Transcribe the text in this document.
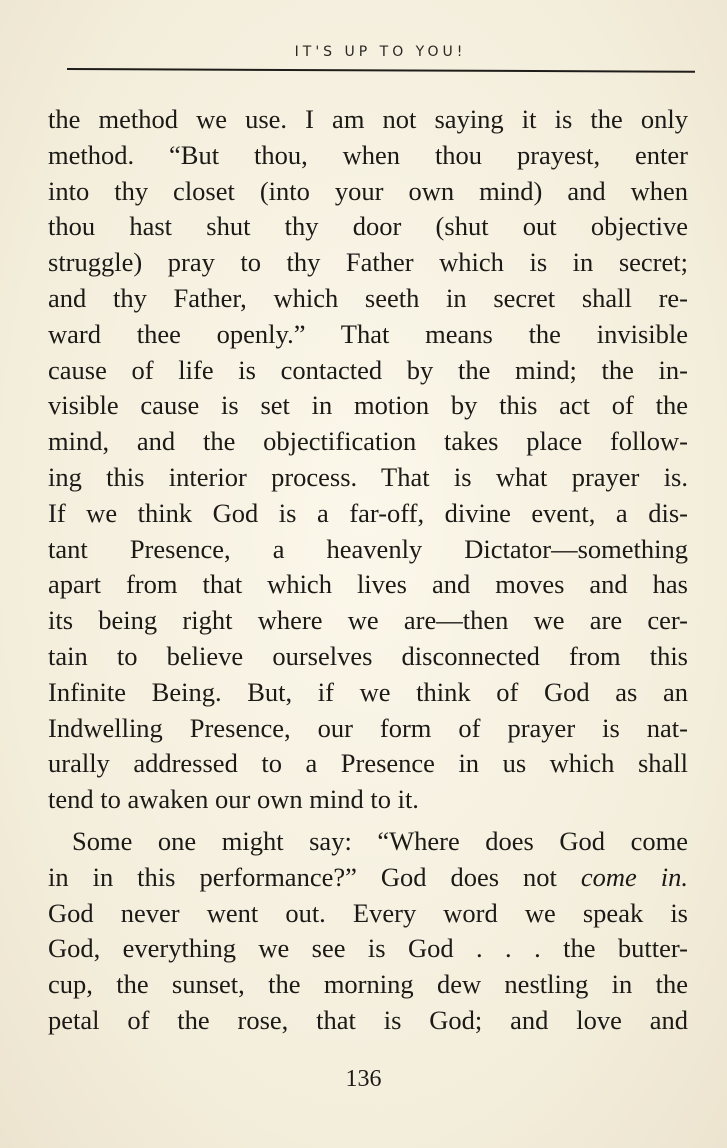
IT'S UP TO YOU!
the method we use. I am not saying it is the only
method. “But thou, when thou prayest, enter
into thy closet (into your own mind) and when
thou hast shut thy door (shut out objective
struggle) pray to thy Father which is in secret;
and thy Father, which seeth in secret shall re-
ward thee openly.” That means the invisible
cause of life is contacted by the mind; the in-
visible cause is set in motion by this act of the
mind, and the objectification takes place follow-
ing this interior process. That is what prayer is.
If we think God is a far-off, divine event, a dis-
tant Presence, a heavenly Dictator—something
apart from that which lives and moves and has
its being right where we are—then we are cer-
tain to believe ourselves disconnected from this
Infinite Being. But, if we think of God as an
Indwelling Presence, our form of prayer is nat-
urally addressed to a Presence in us which shall
tend to awaken our own mind to it.
Some one might say: “Where does God come
in in this performance?” God does not come in.
God never went out. Every word we speak is
God, everything we see is God . . . the butter-
cup, the sunset, the morning dew nestling in the
petal of the rose, that is God; and love and
136
